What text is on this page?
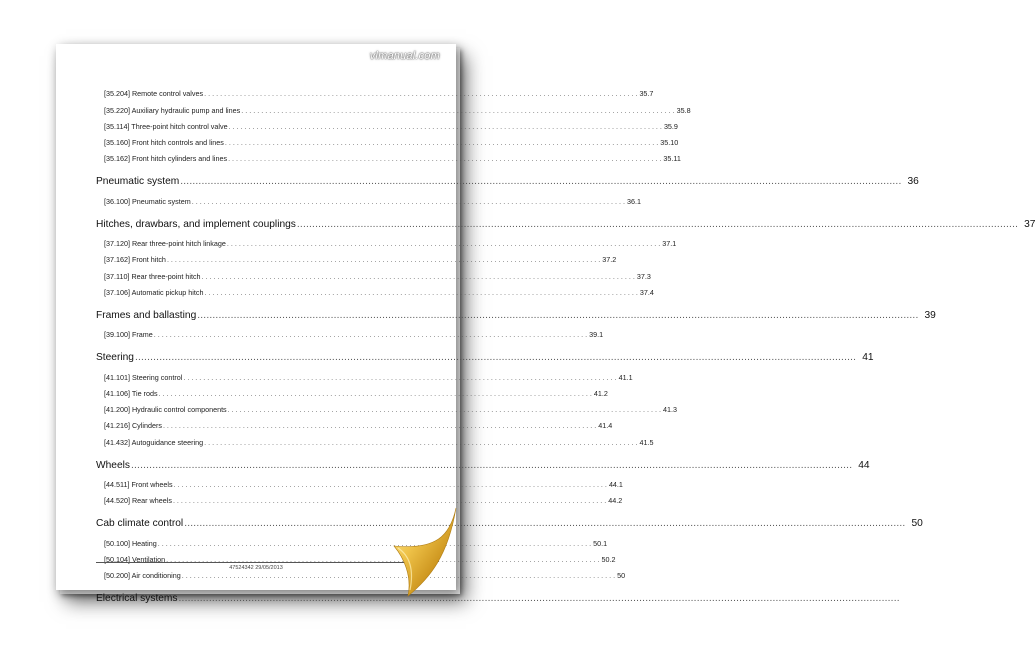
vlmanual.com
[35.204] Remote control valves . . .	35.7
[35.220] Auxiliary hydraulic pump and lines . . .	35.8
[35.114] Three-point hitch control valve . . .	35.9
[35.160] Front hitch controls and lines . . .	35.10
[35.162] Front hitch cylinders and lines . . .	35.11
Pneumatic system .....	36
[36.100] Pneumatic system . . .	36.1
Hitches, drawbars, and implement couplings .....	37
[37.120] Rear three-point hitch linkage . . .	37.1
[37.162] Front hitch . . .	37.2
[37.110] Rear three-point hitch . . .	37.3
[37.106] Automatic pickup hitch . . .	37.4
Frames and ballasting .....	39
[39.100] Frame . . .	39.1
Steering .....	41
[41.101] Steering control . . .	41.1
[41.106] Tie rods . . .	41.2
[41.200] Hydraulic control components . . .	41.3
[41.216] Cylinders . . .	41.4
[41.432] Autoguidance steering . . .	41.5
Wheels .....	44
[44.511] Front wheels . . .	44.1
[44.520] Rear wheels . . .	44.2
Cab climate control .....	50
[50.100] Heating . . .	50.1
[50.104] Ventilation . . .	50.2
[50.200] Air conditioning . . .	50
Electrical systems
.....
47524342 29/05/2013
